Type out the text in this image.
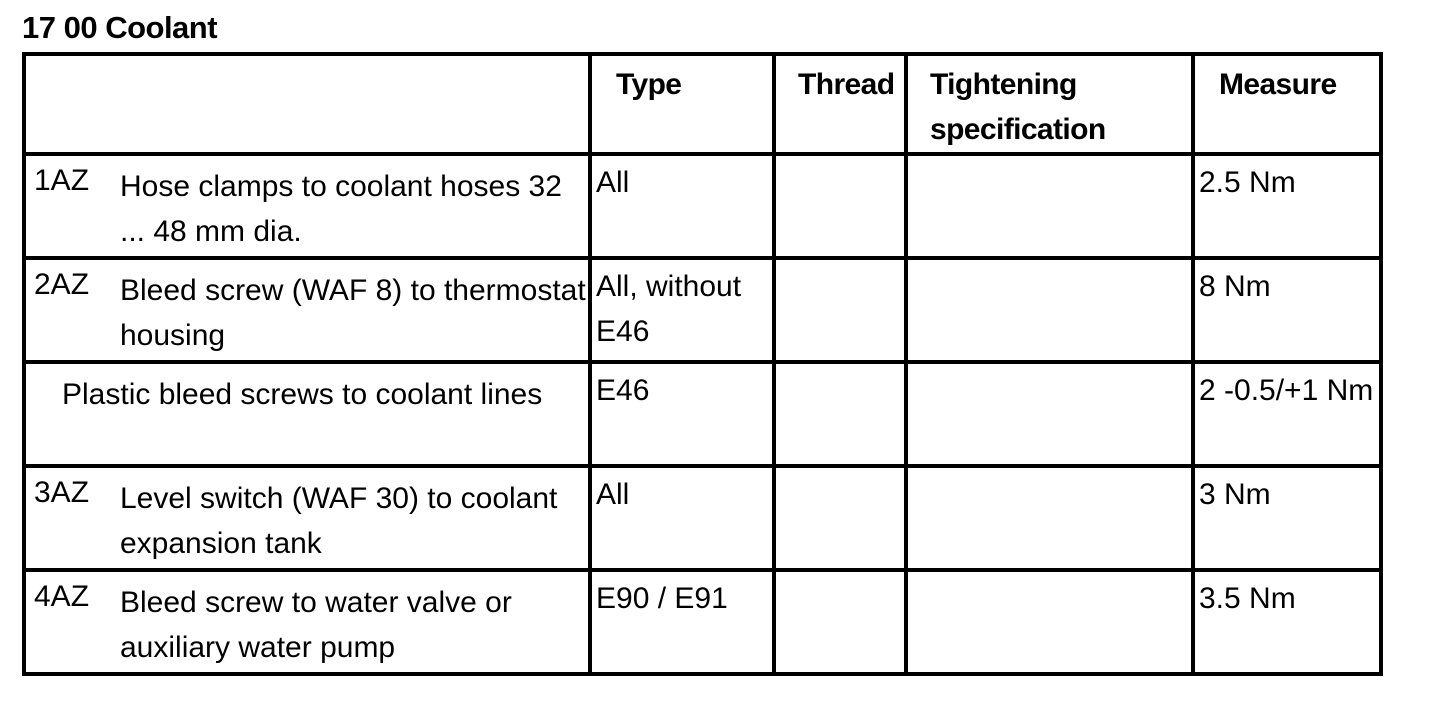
17 00 Coolant

	Type	Thread	Tightening specification	Measure

1AZ Hose clamps to coolant hoses 32 ... 48 mm dia.	All			2.5 Nm

2AZ Bleed screw (WAF 8) to thermostat housing	All, without E46			8 Nm

Plastic bleed screws to coolant lines	E46			2 -0.5/+1 Nm

3AZ Level switch (WAF 30) to coolant expansion tank	All			3 Nm

4AZ Bleed screw to water valve or auxiliary water pump	E90 / E91			3.5 Nm
